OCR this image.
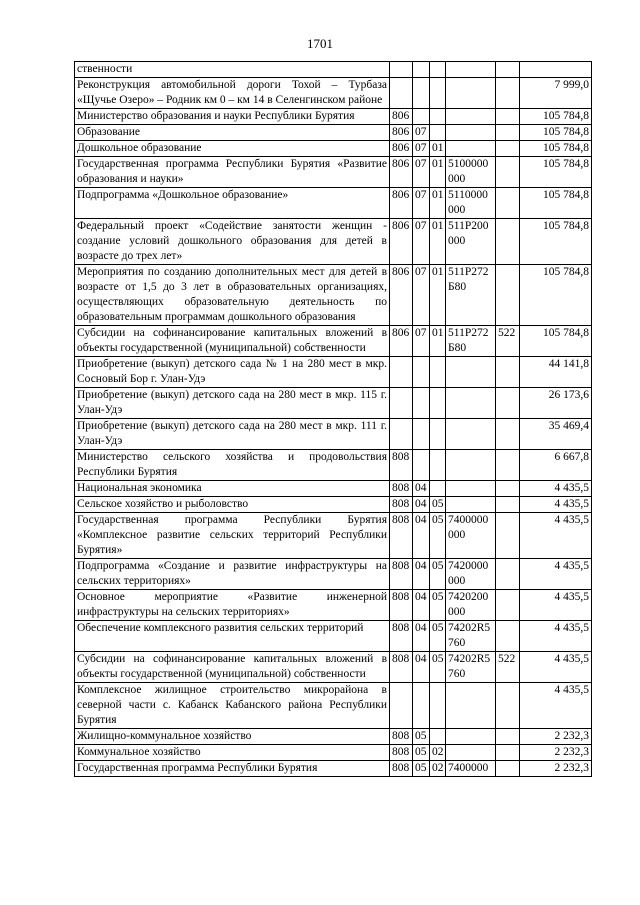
1701
ственности						
Реконструкция автомобильной дороги Тохой – Турбаза «Щучье Озеро» – Родник км 0 – км 14 в Селенгинском районе						7 999,0
Министерство образования и науки Республики Бурятия	806					105 784,8
Образование	806	07				105 784,8
Дошкольное образование	806	07	01			105 784,8
Государственная программа Республики Бурятия «Развитие образования и науки»	806	07	01	5100000 000		105 784,8
Подпрограмма «Дошкольное образование»	806	07	01	5110000 000		105 784,8
Федеральный проект «Содействие занятости женщин - создание условий дошкольного образования для детей в возрасте до трех лет»	806	07	01	511P200 000		105 784,8
Мероприятия по созданию дополнительных мест для детей в возрасте от 1,5 до 3 лет в образовательных организациях, осуществляющих образовательную деятельность по образовательным программам дошкольного образования	806	07	01	511P272 Б80		105 784,8
Субсидии на софинансирование капитальных вложений в объекты государственной (муниципальной) собственности	806	07	01	511P272 Б80	522	105 784,8
Приобретение (выкуп) детского сада № 1 на 280 мест в мкр. Сосновый Бор г. Улан-Удэ						44 141,8
Приобретение (выкуп) детского сада на 280 мест в мкр. 115 г. Улан-Удэ						26 173,6
Приобретение (выкуп) детского сада на 280 мест в мкр. 111 г. Улан-Удэ						35 469,4
Министерство сельского хозяйства и продовольствия Республики Бурятия	808					6 667,8
Национальная экономика	808	04				4 435,5
Сельское хозяйство и рыболовство	808	04	05			4 435,5
Государственная программа Республики Бурятия «Комплексное развитие сельских территорий Республики Бурятия»	808	04	05	7400000 000		4 435,5
Подпрограмма «Создание и развитие инфраструктуры на сельских территориях»	808	04	05	7420000 000		4 435,5
Основное мероприятие «Развитие инженерной инфраструктуры на сельских территориях»	808	04	05	7420200 000		4 435,5
Обеспечение комплексного развития сельских территорий	808	04	05	74202R5 760		4 435,5
Субсидии на софинансирование капитальных вложений в объекты государственной (муниципальной) собственности	808	04	05	74202R5 760	522	4 435,5
Комплексное жилищное строительство микрорайона в северной части с. Кабанск Кабанского района Республики Бурятия						4 435,5
Жилищно-коммунальное хозяйство	808	05				2 232,3
Коммунальное хозяйство	808	05	02			2 232,3
Государственная программа Республики Бурятия	808	05	02	7400000		2 232,3
